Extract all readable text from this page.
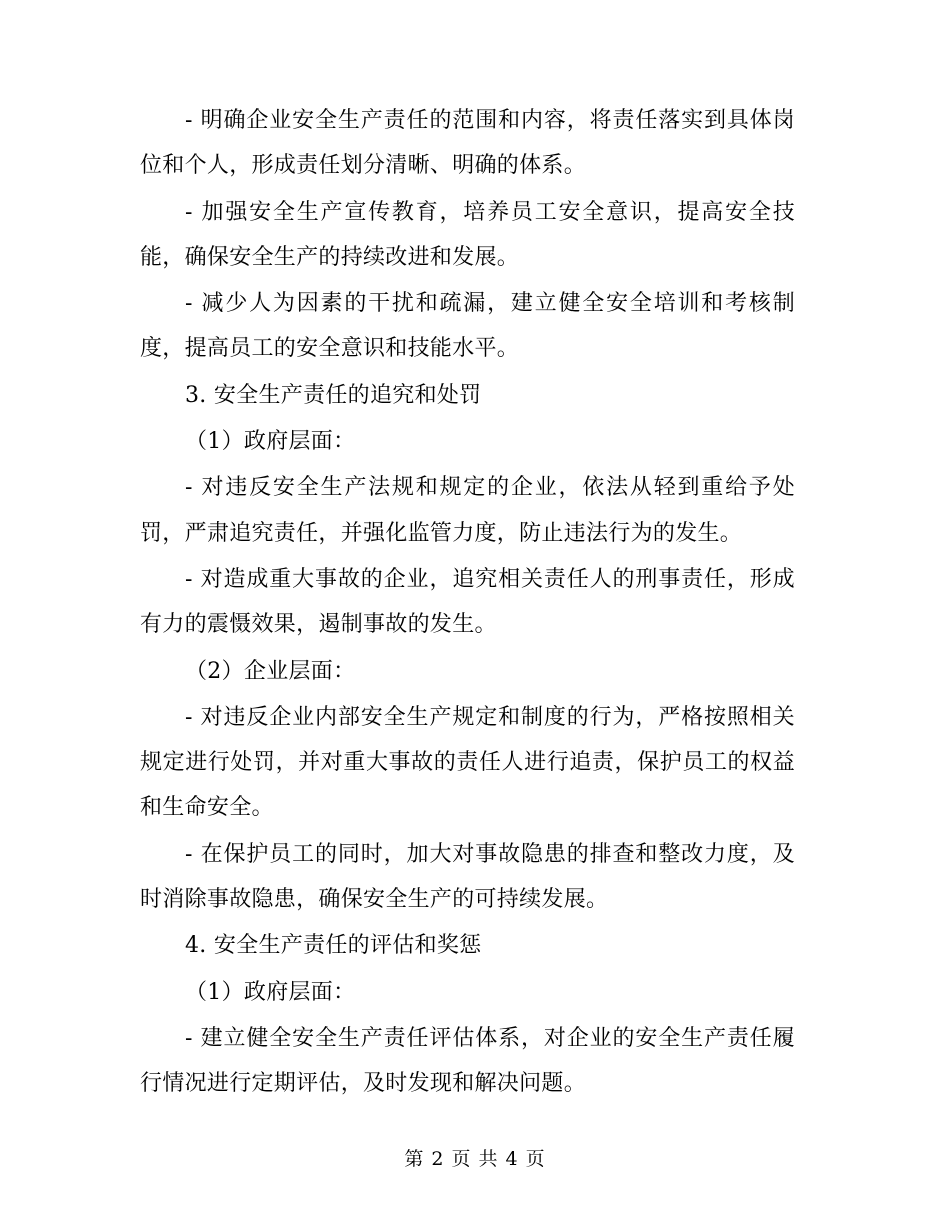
- 明确企业安全生产责任的范围和内容，将责任落实到具体岗位和个人，形成责任划分清晰、明确的体系。

- 加强安全生产宣传教育，培养员工安全意识，提高安全技能，确保安全生产的持续改进和发展。

- 减少人为因素的干扰和疏漏，建立健全安全培训和考核制度，提高员工的安全意识和技能水平。

3. 安全生产责任的追究和处罚

（1）政府层面：

- 对违反安全生产法规和规定的企业，依法从轻到重给予处罚，严肃追究责任，并强化监管力度，防止违法行为的发生。

- 对造成重大事故的企业，追究相关责任人的刑事责任，形成有力的震慑效果，遏制事故的发生。

（2）企业层面：

- 对违反企业内部安全生产规定和制度的行为，严格按照相关规定进行处罚，并对重大事故的责任人进行追责，保护员工的权益和生命安全。

- 在保护员工的同时，加大对事故隐患的排查和整改力度，及时消除事故隐患，确保安全生产的可持续发展。

4. 安全生产责任的评估和奖惩

（1）政府层面：

- 建立健全安全生产责任评估体系，对企业的安全生产责任履行情况进行定期评估，及时发现和解决问题。

第 2 页 共 4 页
